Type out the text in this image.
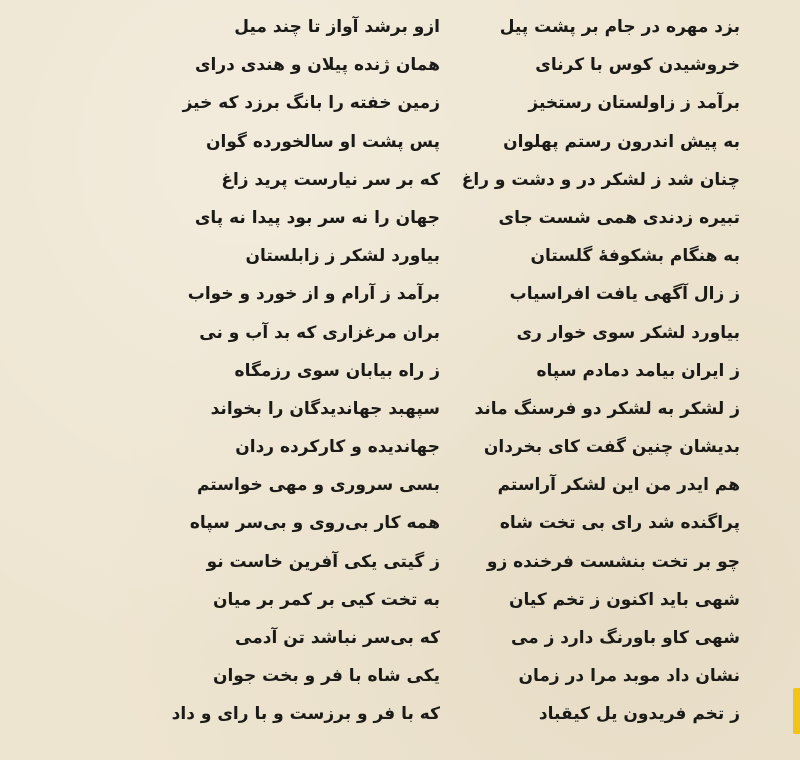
بزد مهره در جام بر پشت پیل
ازو برشد آواز تا چند میل
خروشیدن کوس با کرنای
همان ژنده پیلان و هندی درای
برآمد ز زاولستان رستخیز
زمین خفته را بانگ برزد که خیز
به پیش اندرون رستم پهلوان
پس پشت او سالخورده گوان
چنان شد ز لشکر در و دشت و راغ
که بر سر نیارست پرید زاغ
تبیره زدندی همی شست جای
جهان را نه سر بود پیدا نه پای
به هنگام بشکوفهٔ گلستان
بیاورد لشکر ز زابلستان
ز زال آگهی یافت افراسیاب
برآمد ز آرام و از خورد و خواب
بیاورد لشکر سوی خوار ری
بران مرغزاری که بد آب و نی
ز ایران بیامد دمادم سپاه
ز راه بیابان سوی رزمگاه
ز لشکر به لشکر دو فرسنگ ماند
سپهبد جهاندیدگان را بخواند
بدیشان چنین گفت کای بخردان
جهاندیده و کارکرده ردان
هم ایدر من این لشکر آراستم
بسی سروری و مهی خواستم
پراگنده شد رای بی تخت شاه
همه کار بی‌روی و بی‌سر سپاه
چو بر تخت بنشست فرخنده زو
ز گیتی یکی آفرین خاست نو
شهی باید اکنون ز تخم کیان
به تخت کیی بر کمر بر میان
شهی کاو باورنگ دارد ز می
که بی‌سر نباشد تن آدمی
نشان داد موبد مرا در زمان
یکی شاه با فر و بخت جوان
ز تخم فریدون یل کیقباد
که با فر و برزست و با رای و داد
